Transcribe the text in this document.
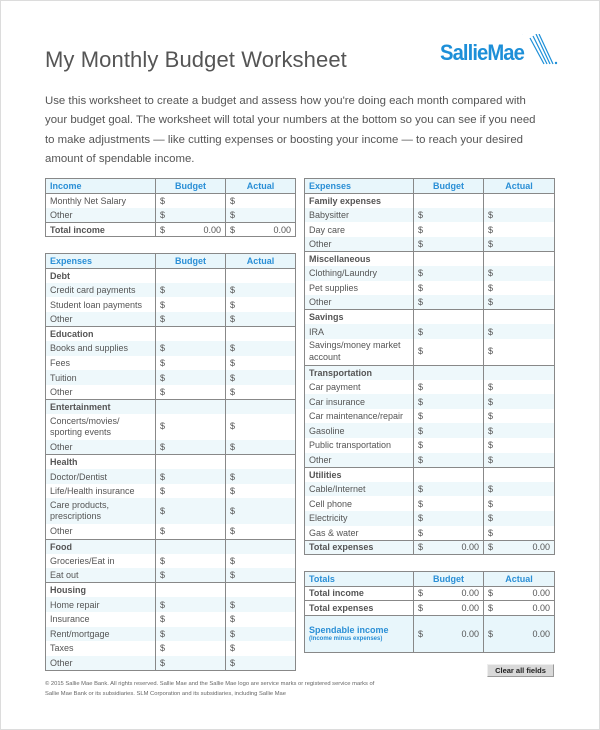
My Monthly Budget Worksheet	SallieMae

Use this worksheet to create a budget and assess how you're doing each month compared with your budget goal. The worksheet will total your numbers at the bottom so you can see if you need to make adjustments — like cutting expenses or boosting your income — to reach your desired amount of spendable income.

Income	Budget	Actual
Monthly Net Salary	$	$

Other	$	$

Total income	$ 0.00	$ 0.00
Expenses	Budget	Actual
Debt		
Credit card payments	$	$

Student loan payments	$	$

Other	$	$

Education		
Books and supplies	$	$

Fees	$	$

Tuition	$	$

Other	$	$

Entertainment		
Concerts/movies/ sporting events	$	$

Other	$	$

Health		
Doctor/Dentist	$	$

Life/Health insurance	$	$

Care products, prescriptions	$	$

Other	$	$

Food		
Groceries/Eat in	$	$

Eat out	$	$

Housing		
Home repair	$	$

Insurance	$	$

Rent/mortgage	$	$

Taxes	$	$

Other	$	$
Expenses	Budget	Actual
Family expenses		
Babysitter	$	$

Day care	$	$

Other	$	$

Miscellaneous		
Clothing/Laundry	$	$

Pet supplies	$	$

Other	$	$

Savings		
IRA	$	$

Savings/money market account	$	$

Transportation		
Car payment	$	$

Car insurance	$	$

Car maintenance/repair	$	$

Gasoline	$	$

Public transportation	$	$

Other	$	$

Utilities		
Cable/Internet	$	$

Cell phone	$	$

Electricity	$	$

Gas & water	$	$

Total expenses	$ 0.00	$ 0.00
Totals	Budget	Actual
Total income	$ 0.00	$ 0.00

Total expenses	$ 0.00	$ 0.00

Spendable income
(Income minus expenses)	$ 0.00	$ 0.00
Clear all fields

© 2015 Sallie Mae Bank. All rights reserved. Sallie Mae and the Sallie Mae logo are service marks or registered service marks of Sallie Mae Bank or its subsidiaries. SLM Corporation and its subsidiaries, including Sallie Mae
